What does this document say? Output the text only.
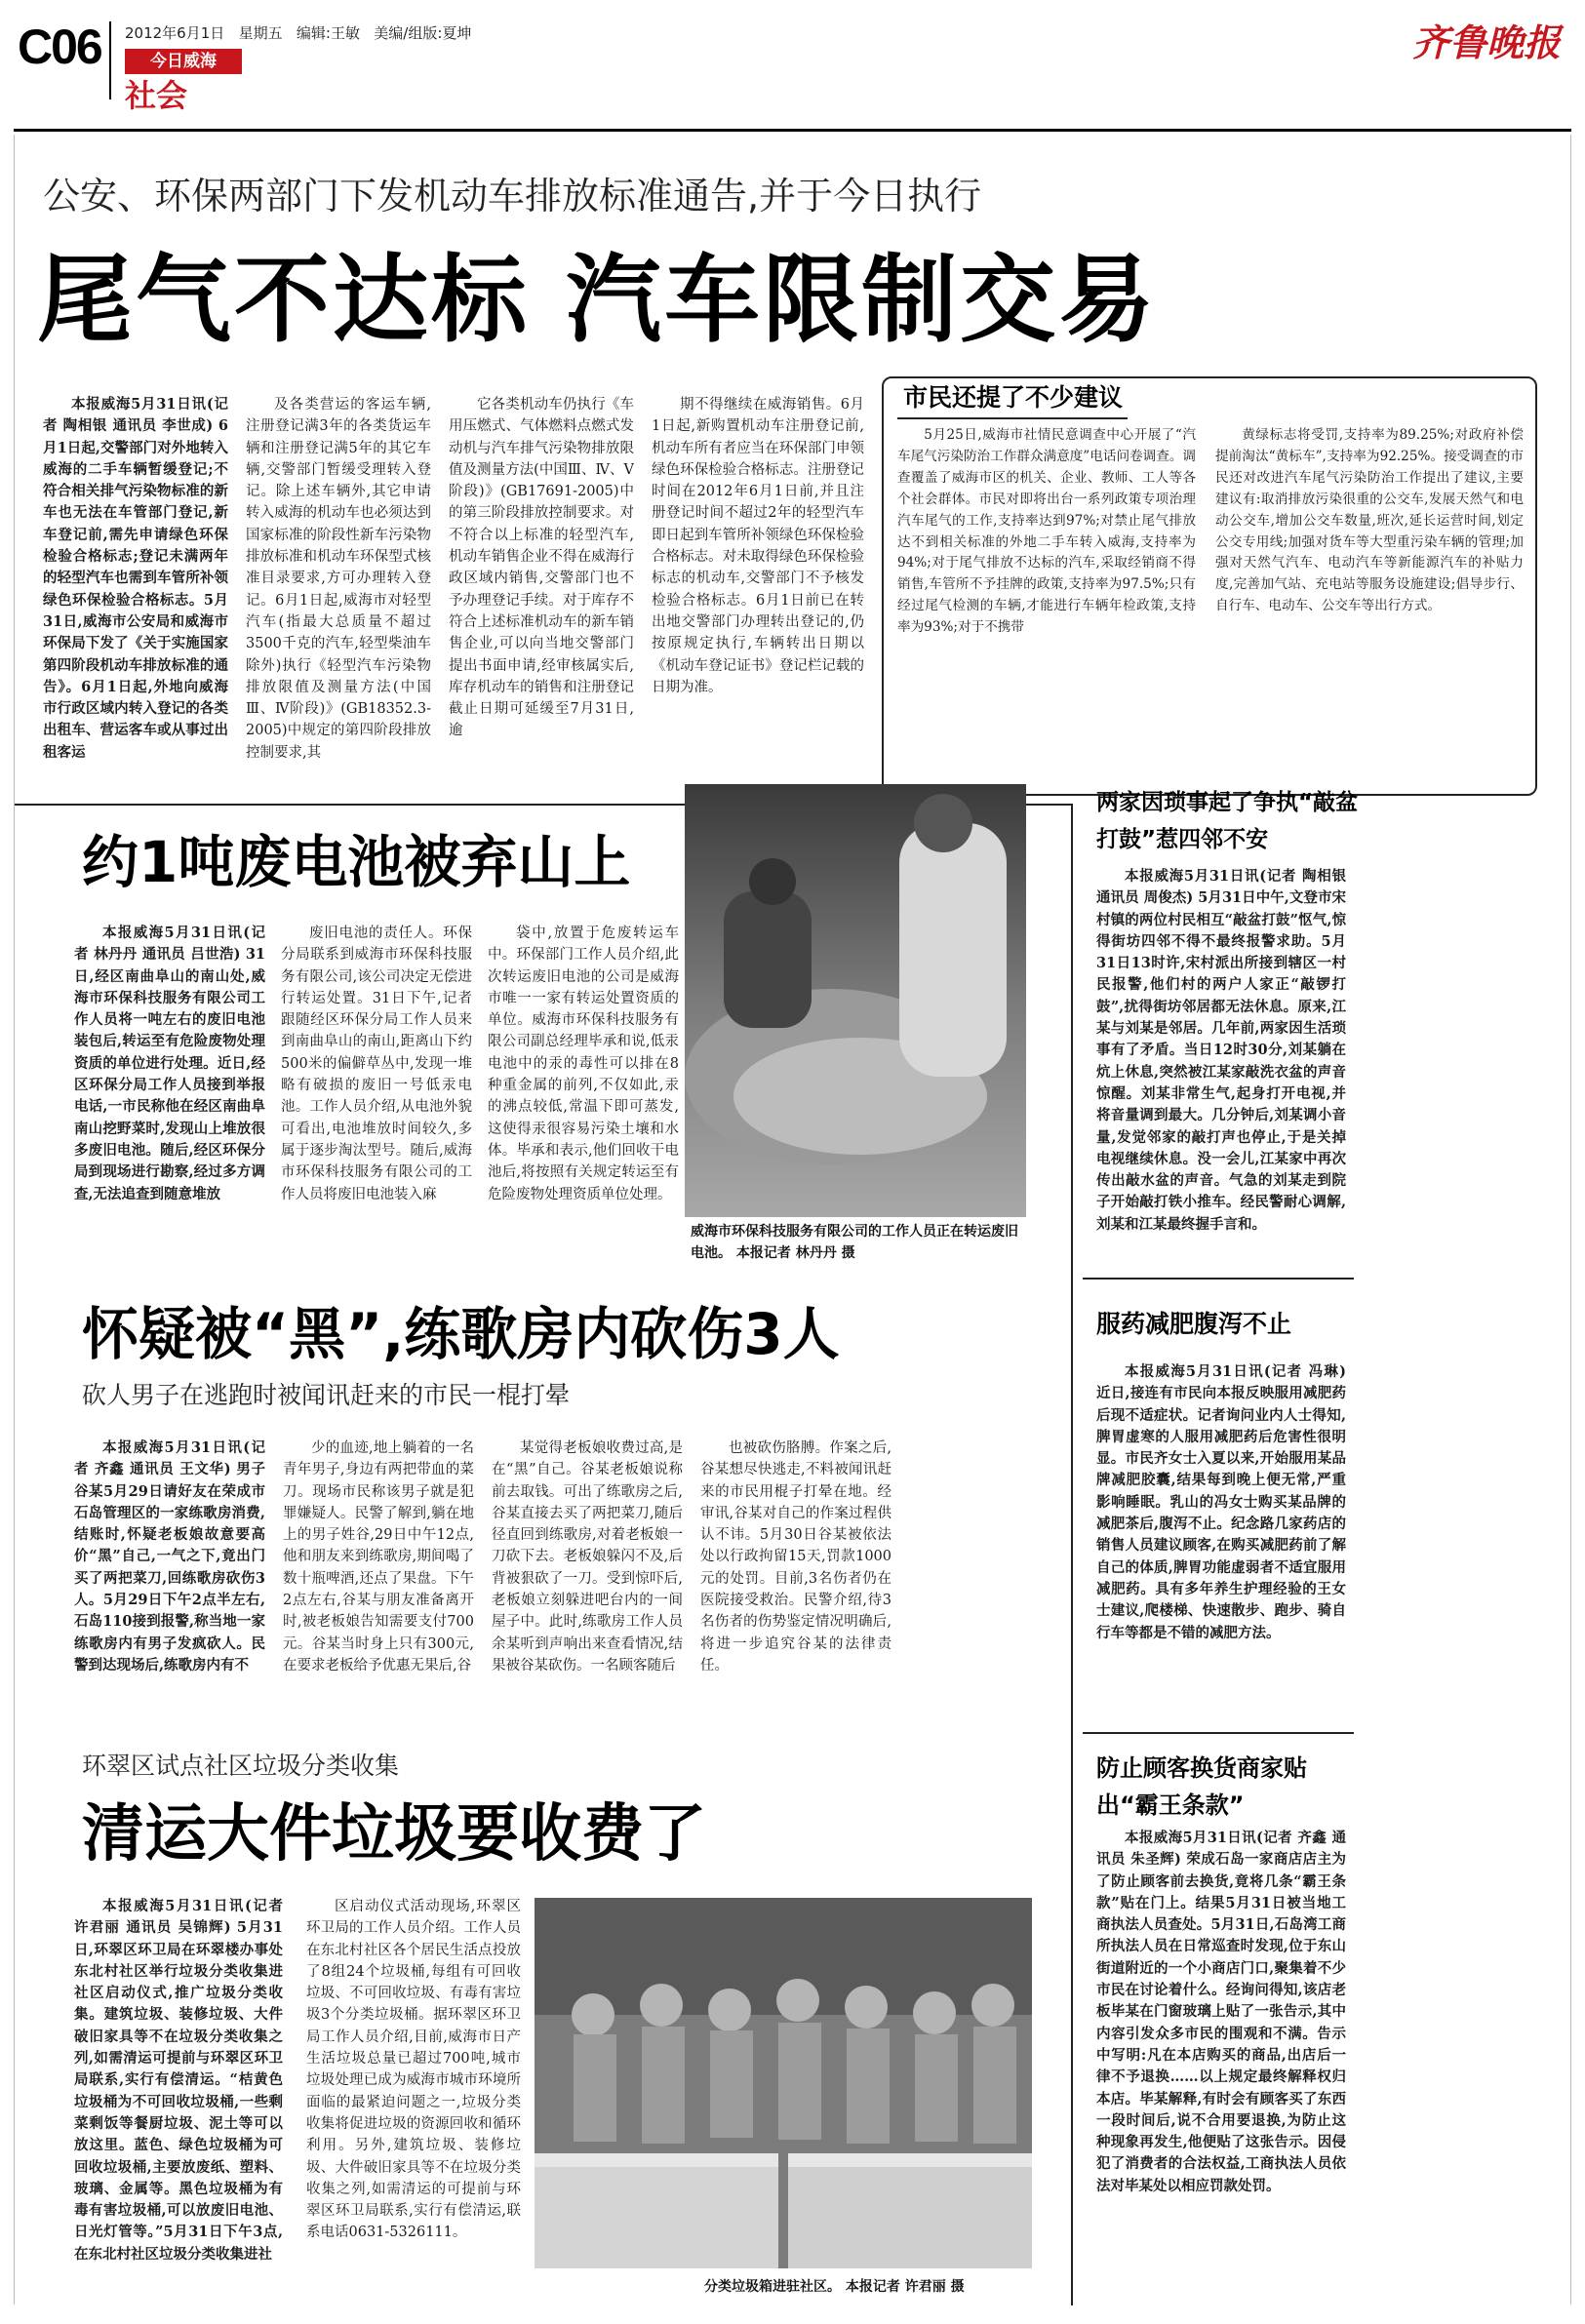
C06 2012年6月1日 星期五 编辑:王敏 美编/组版:夏坤
今日威海
社会
齐鲁晚报
公安、环保两部门下发机动车排放标准通告,并于今日执行
尾气不达标 汽车限制交易

本报威海5月31日讯(记者 陶相银 通讯员 李世成) 6月1日起,交警部门对外地转入威海的二手车辆暂缓登记;不符合相关排气污染物标准的新车也无法在车管部门登记,新车登记前,需先申请绿色环保检验合格标志;登记未满两年的轻型汽车也需到车管所补领绿色环保检验合格标志。5月31日,威海市公安局和威海市环保局下发了《关于实施国家第四阶段机动车排放标准的通告》。6月1日起,外地向威海市行政区域内转入登记的各类出租车、营运客车或从事过出租客运

及各类营运的客运车辆,注册登记满3年的各类货运车辆和注册登记满5年的其它车辆,交警部门暂缓受理转入登记。除上述车辆外,其它申请转入威海的机动车也必须达到国家标准的阶段性新车污染物排放标准和机动车环保型式核准目录要求,方可办理转入登记。6月1日起,威海市对轻型汽车(指最大总质量不超过3500千克的汽车,轻型柴油车除外)执行《轻型汽车污染物排放限值及测量方法(中国Ⅲ、Ⅳ阶段)》(GB18352.3-2005)中规定的第四阶段排放控制要求,其

它各类机动车仍执行《车用压燃式、气体燃料点燃式发动机与汽车排气污染物排放限值及测量方法(中国Ⅲ、Ⅳ、Ⅴ阶段)》(GB17691-2005)中的第三阶段排放控制要求。对不符合以上标准的轻型汽车,机动车销售企业不得在威海行政区域内销售,交警部门也不予办理登记手续。对于库存不符合上述标准机动车的新车销售企业,可以向当地交警部门提出书面申请,经审核属实后,库存机动车的销售和注册登记截止日期可延缓至7月31日,逾

期不得继续在威海销售。6月1日起,新购置机动车注册登记前,机动车所有者应当在环保部门申领绿色环保检验合格标志。注册登记时间在2012年6月1日前,并且注册登记时间不超过2年的轻型汽车即日起到车管所补领绿色环保检验合格标志。对未取得绿色环保检验标志的机动车,交警部门不予核发检验合格标志。6月1日前已在转出地交警部门办理转出登记的,仍按原规定执行,车辆转出日期以《机动车登记证书》登记栏记载的日期为准。

市民还提了不少建议

5月25日,威海市社情民意调查中心开展了“汽车尾气污染防治工作群众满意度”电话问卷调查。调查覆盖了威海市区的机关、企业、教师、工人等各个社会群体。市民对即将出台一系列政策专项治理汽车尾气的工作,支持率达到97%;对禁止尾气排放达不到相关标准的外地二手车转入威海,支持率为94%;对于尾气排放不达标的汽车,采取经销商不得销售,车管所不予挂牌的政策,支持率为97.5%;只有经过尾气检测的车辆,才能进行车辆年检政策,支持率为93%;对于不携带

黄绿标志将受罚,支持率为89.25%;对政府补偿提前淘汰“黄标车”,支持率为92.25%。接受调查的市民还对改进汽车尾气污染防治工作提出了建议,主要建议有:取消排放污染很重的公交车,发展天然气和电动公交车,增加公交车数量,班次,延长运营时间,划定公交专用线;加强对货车等大型重污染车辆的管理;加强对天然气汽车、电动汽车等新能源汽车的补贴力度,完善加气站、充电站等服务设施建设;倡导步行、自行车、电动车、公交车等出行方式。

约1吨废电池被弃山上

本报威海5月31日讯(记者 林丹丹 通讯员 吕世浩) 31日,经区南曲阜山的南山处,威海市环保科技服务有限公司工作人员将一吨左右的废旧电池装包后,转运至有危险废物处理资质的单位进行处理。近日,经区环保分局工作人员接到举报电话,一市民称他在经区南曲阜南山挖野菜时,发现山上堆放很多废旧电池。随后,经区环保分局到现场进行勘察,经过多方调查,无法追查到随意堆放

废旧电池的责任人。环保分局联系到威海市环保科技服务有限公司,该公司决定无偿进行转运处置。31日下午,记者跟随经区环保分局工作人员来到南曲阜山的南山,距离山下约500米的偏僻草丛中,发现一堆略有破损的废旧一号低汞电池。工作人员介绍,从电池外貌可看出,电池堆放时间较久,多属于逐步淘汰型号。随后,威海市环保科技服务有限公司的工作人员将废旧电池装入麻

袋中,放置于危废转运车中。环保部门工作人员介绍,此次转运废旧电池的公司是威海市唯一一家有转运处置资质的单位。威海市环保科技服务有限公司副总经理毕承和说,低汞电池中的汞的毒性可以排在8种重金属的前列,不仅如此,汞的沸点较低,常温下即可蒸发,这使得汞很容易污染土壤和水体。毕承和表示,他们回收干电池后,将按照有关规定转运至有危险废物处理资质单位处理。

威海市环保科技服务有限公司的工作人员正在转运废旧电池。 本报记者 林丹丹 摄
两家因琐事起了争执“敲盆打鼓”惹四邻不安

本报威海5月31日讯(记者 陶相银 通讯员 周俊杰) 5月31日中午,文登市宋村镇的两位村民相互“敲盆打鼓”怄气,惊得街坊四邻不得不最终报警求助。5月31日13时许,宋村派出所接到辖区一村民报警,他们村的两户人家正“敲锣打鼓”,扰得街坊邻居都无法休息。原来,江某与刘某是邻居。几年前,两家因生活琐事有了矛盾。当日12时30分,刘某躺在炕上休息,突然被江某家敲洗衣盆的声音惊醒。刘某非常生气,起身打开电视,并将音量调到最大。几分钟后,刘某调小音量,发觉邻家的敲打声也停止,于是关掉电视继续休息。没一会儿,江某家中再次传出敲水盆的声音。气急的刘某走到院子开始敲打铁小推车。经民警耐心调解,刘某和江某最终握手言和。

怀疑被“黑”,练歌房内砍伤3人
砍人男子在逃跑时被闻讯赶来的市民一棍打晕

本报威海5月31日讯(记者 齐鑫 通讯员 王文华) 男子谷某5月29日请好友在荣成市石岛管理区的一家练歌房消费,结账时,怀疑老板娘故意要高价“黑”自己,一气之下,竟出门买了两把菜刀,回练歌房砍伤3人。5月29日下午2点半左右,石岛110接到报警,称当地一家练歌房内有男子发疯砍人。民警到达现场后,练歌房内有不

少的血迹,地上躺着的一名青年男子,身边有两把带血的菜刀。现场市民称该男子就是犯罪嫌疑人。民警了解到,躺在地上的男子姓谷,29日中午12点,他和朋友来到练歌房,期间喝了数十瓶啤酒,还点了果盘。下午2点左右,谷某与朋友准备离开时,被老板娘告知需要支付700元。谷某当时身上只有300元,在要求老板给予优惠无果后,谷

某觉得老板娘收费过高,是在“黑”自己。谷某老板娘说称前去取钱。可出了练歌房之后,谷某直接去买了两把菜刀,随后径直回到练歌房,对着老板娘一刀砍下去。老板娘躲闪不及,后背被狠砍了一刀。受到惊吓后,老板娘立刻躲进吧台内的一间屋子中。此时,练歌房工作人员余某听到声响出来查看情况,结果被谷某砍伤。一名顾客随后

也被砍伤胳膊。作案之后,谷某想尽快逃走,不料被闻讯赶来的市民用棍子打晕在地。经审讯,谷某对自己的作案过程供认不讳。5月30日谷某被依法处以行政拘留15天,罚款1000元的处罚。目前,3名伤者仍在医院接受救治。民警介绍,待3名伤者的伤势鉴定情况明确后,将进一步追究谷某的法律责任。

服药减肥腹泻不止

本报威海5月31日讯(记者 冯琳) 近日,接连有市民向本报反映服用减肥药后现不适症状。记者询问业内人士得知,脾胃虚寒的人服用减肥药后危害性很明显。市民齐女士入夏以来,开始服用某品牌减肥胶囊,结果每到晚上便无常,严重影响睡眠。乳山的冯女士购买某品牌的减肥茶后,腹泻不止。纪念路几家药店的销售人员建议顾客,在购买减肥药前了解自己的体质,脾胃功能虚弱者不适宜服用减肥药。具有多年养生护理经验的王女士建议,爬楼梯、快速散步、跑步、骑自行车等都是不错的减肥方法。

环翠区试点社区垃圾分类收集
清运大件垃圾要收费了

本报威海5月31日讯(记者 许君丽 通讯员 吴锦辉) 5月31日,环翠区环卫局在环翠楼办事处东北村社区举行垃圾分类收集进社区启动仪式,推广垃圾分类收集。建筑垃圾、装修垃圾、大件破旧家具等不在垃圾分类收集之列,如需清运可提前与环翠区环卫局联系,实行有偿清运。“桔黄色垃圾桶为不可回收垃圾桶,一些剩菜剩饭等餐厨垃圾、泥土等可以放这里。蓝色、绿色垃圾桶为可回收垃圾桶,主要放废纸、塑料、玻璃、金属等。黑色垃圾桶为有毒有害垃圾桶,可以放废旧电池、日光灯管等。”5月31日下午3点,在东北村社区垃圾分类收集进社

区启动仪式活动现场,环翠区环卫局的工作人员介绍。工作人员在东北村社区各个居民生活点投放了8组24个垃圾桶,每组有可回收垃圾、不可回收垃圾、有毒有害垃圾3个分类垃圾桶。据环翠区环卫局工作人员介绍,目前,威海市日产生活垃圾总量已超过700吨,城市垃圾处理已成为威海市城市环境所面临的最紧迫问题之一,垃圾分类收集将促进垃圾的资源回收和循环利用。另外,建筑垃圾、装修垃圾、大件破旧家具等不在垃圾分类收集之列,如需清运的可提前与环翠区环卫局联系,实行有偿清运,联系电话0631-5326111。

分类垃圾箱进驻社区。 本报记者 许君丽 摄
防止顾客换货商家贴出“霸王条款”

本报威海5月31日讯(记者 齐鑫 通讯员 朱圣辉) 荣成石岛一家商店店主为了防止顾客前去换货,竟将几条“霸王条款”贴在门上。结果5月31日被当地工商执法人员查处。5月31日,石岛湾工商所执法人员在日常巡查时发现,位于东山街道附近的一个小商店门口,聚集着不少市民在讨论着什么。经询问得知,该店老板毕某在门窗玻璃上贴了一张告示,其中内容引发众多市民的围观和不满。告示中写明:凡在本店购买的商品,出店后一律不予退换……以上规定最终解释权归本店。毕某解释,有时会有顾客买了东西一段时间后,说不合用要退换,为防止这种现象再发生,他便贴了这张告示。因侵犯了消费者的合法权益,工商执法人员依法对毕某处以相应罚款处罚。
